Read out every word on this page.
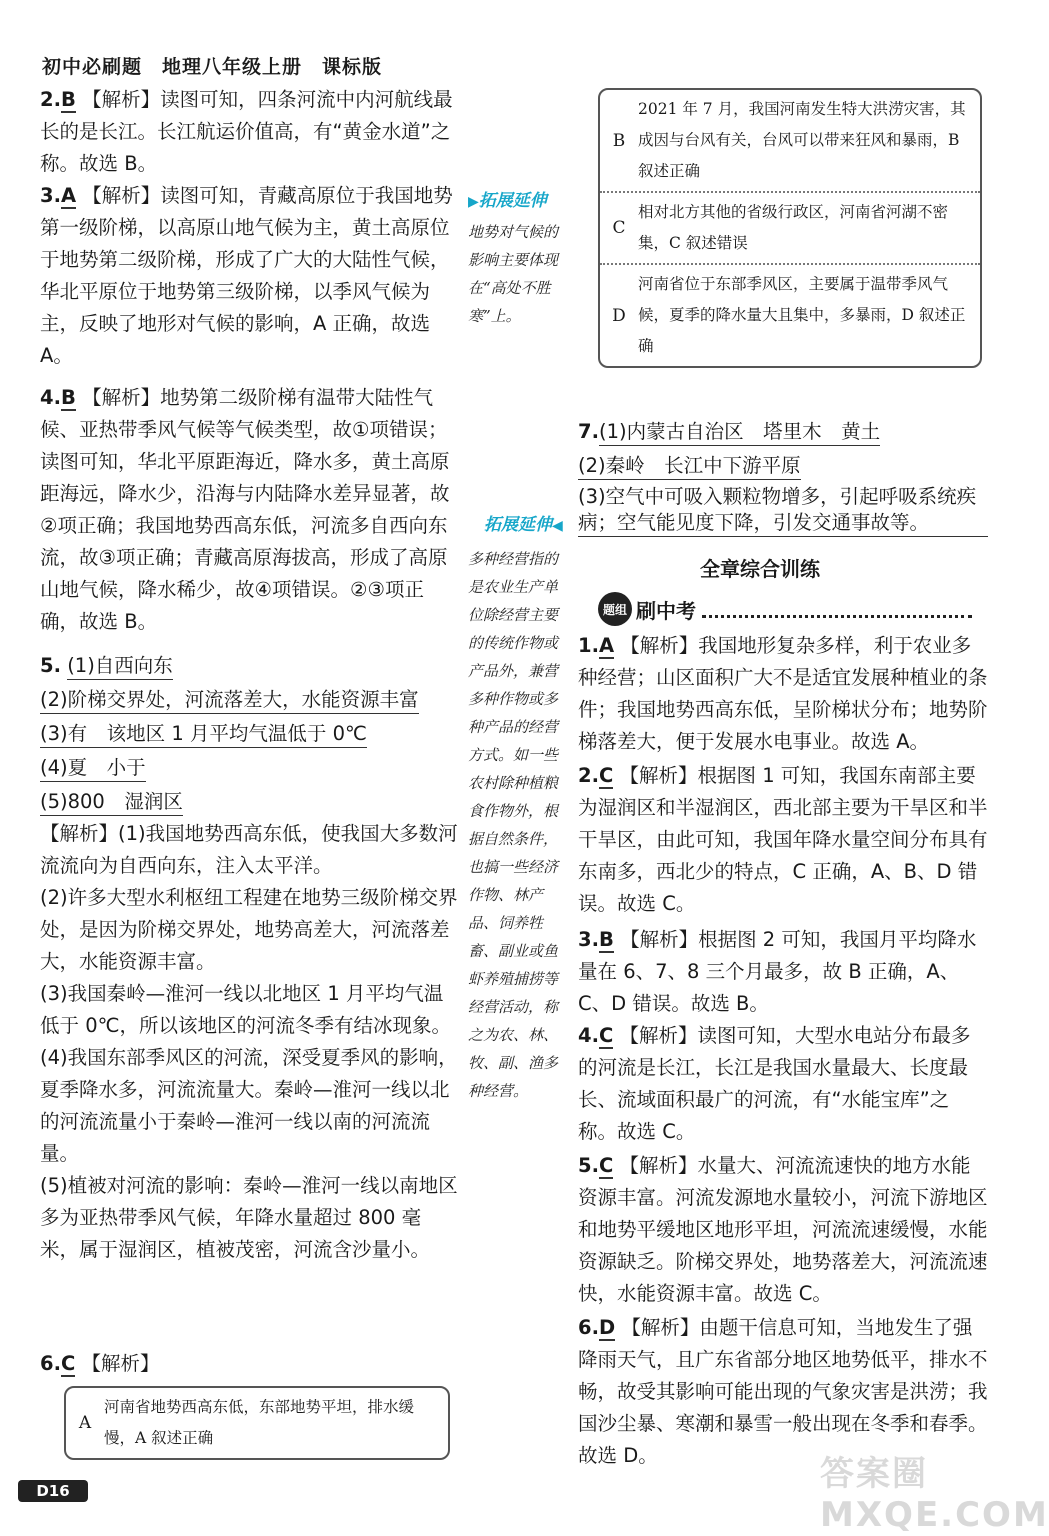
初中必刷题　地理八年级上册　课标版
2.B 【解析】读图可知，四条河流中内河航线最长的是长江。长江航运价值高，有“黄金水道”之称。故选 B。
3.A 【解析】读图可知，青藏高原位于我国地势第一级阶梯，以高原山地气候为主，黄土高原位于地势第二级阶梯，形成了广大的大陆性气候，华北平原位于地势第三级阶梯，以季风气候为主，反映了地形对气候的影响，A 正确，故选 A。
4.B 【解析】地势第二级阶梯有温带大陆性气候、亚热带季风气候等气候类型，故①项错误；读图可知，华北平原距海近，降水多，黄土高原距海远，降水少，沿海与内陆降水差异显著，故②项正确；我国地势西高东低，河流多自西向东流，故③项正确；青藏高原海拔高，形成了高原山地气候，降水稀少，故④项错误。②③项正确，故选 B。
5. (1)自西向东
(2)阶梯交界处，河流落差大，水能资源丰富
(3)有　该地区 1 月平均气温低于 0℃
(4)夏　小于
(5)800　湿润区
【解析】(1)我国地势西高东低，使我国大多数河流流向为自西向东，注入太平洋。
(2)许多大型水利枢纽工程建在地势三级阶梯交界处，是因为阶梯交界处，地势高差大，河流落差大，水能资源丰富。
(3)我国秦岭—淮河一线以北地区 1 月平均气温低于 0℃，所以该地区的河流冬季有结冰现象。
(4)我国东部季风区的河流，深受夏季风的影响，夏季降水多，河流流量大。秦岭—淮河一线以北的河流流量小于秦岭—淮河一线以南的河流流量。
(5)植被对河流的影响：秦岭—淮河一线以南地区多为亚热带季风气候，年降水量超过 800 毫米，属于湿润区，植被茂密，河流含沙量小。
6.C 【解析】
A
河南省地势西高东低，东部地势平坦，排水缓慢，A 叙述正确
▶拓展延伸
地势对气候的影响主要体现在“高处不胜寒”上。
拓展延伸◀
多种经营指的是农业生产单位除经营主要的传统作物或产品外，兼营多种作物或多种产品的经营方式。如一些农村除种植粮食作物外，根据自然条件，也搞一些经济作物、林产品、饲养牲畜、副业或鱼虾养殖捕捞等经营活动，称之为农、林、牧、副、渔多种经营。
B
2021 年 7 月，我国河南发生特大洪涝灾害，其成因与台风有关，台风可以带来狂风和暴雨，B 叙述正确
C
相对北方其他的省级行政区，河南省河湖不密集，C 叙述错误
D
河南省位于东部季风区，主要属于温带季风气候，夏季的降水量大且集中，多暴雨，D 叙述正确
7.(1)内蒙古自治区　塔里木　黄土
(2)秦岭　长江中下游平原
(3)空气中可吸入颗粒物增多，引起呼吸系统疾病；空气能见度下降，引发交通事故等。
全章综合训练
题组 刷中考
1.A 【解析】我国地形复杂多样，利于农业多种经营；山区面积广大不是适宜发展种植业的条件；我国地势西高东低，呈阶梯状分布；地势阶梯落差大，便于发展水电事业。故选 A。
2.C 【解析】根据图 1 可知，我国东南部主要为湿润区和半湿润区，西北部主要为干旱区和半干旱区，由此可知，我国年降水量空间分布具有东南多，西北少的特点，C 正确，A、B、D 错误。故选 C。
3.B 【解析】根据图 2 可知，我国月平均降水量在 6、7、8 三个月最多，故 B 正确，A、C、D 错误。故选 B。
4.C 【解析】读图可知，大型水电站分布最多的河流是长江，长江是我国水量最大、长度最长、流域面积最广的河流，有“水能宝库”之称。故选 C。
5.C 【解析】水量大、河流流速快的地方水能资源丰富。河流发源地水量较小，河流下游地区和地势平缓地区地形平坦，河流流速缓慢，水能资源缺乏。阶梯交界处，地势落差大，河流流速快，水能资源丰富。故选 C。
6.D 【解析】由题干信息可知，当地发生了强降雨天气，且广东省部分地区地势低平，排水不畅，故受其影响可能出现的气象灾害是洪涝；我国沙尘暴、寒潮和暴雪一般出现在冬季和春季。故选 D。
D16	答案圈 MXQE.COM
